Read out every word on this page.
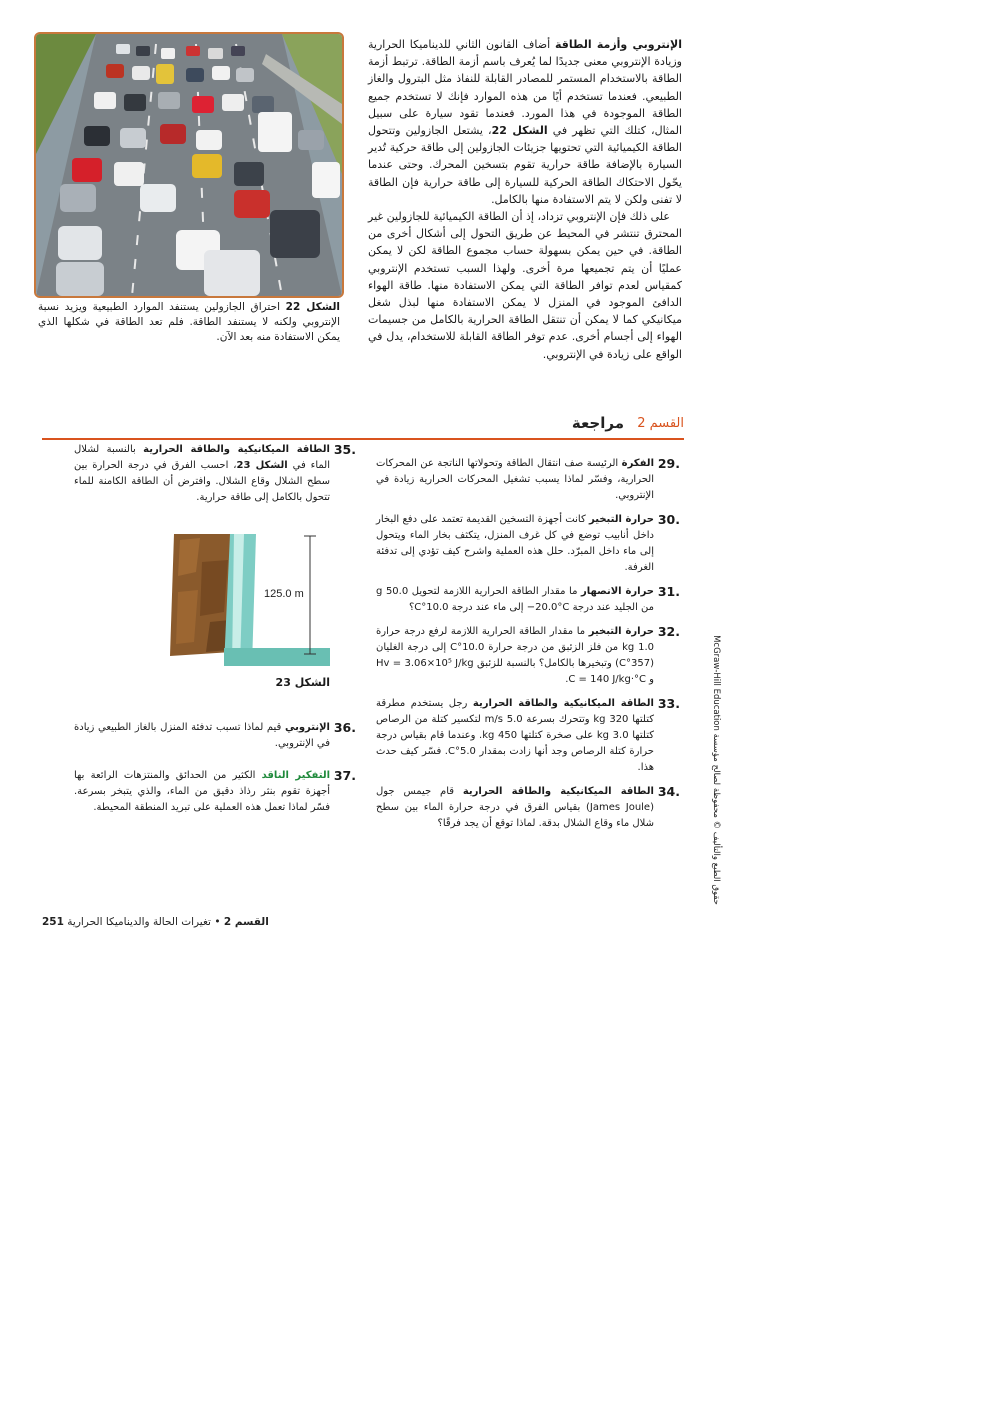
الشكل 22 احتراق الجازولين يستنفد الموارد الطبيعية ويزيد نسبة الإنتروبي ولكنه لا يستنفد الطاقة. فلم تعد الطاقة في شكلها الذي يمكن الاستفادة منه بعد الآن.

الإنتروبي وأزمة الطاقة أضاف القانون الثاني للديناميكا الحرارية وزيادة الإنتروبي معنى جديدًا لما يُعرف باسم أزمة الطاقة. ترتبط أزمة الطاقة بالاستخدام المستمر للمصادر القابلة للنفاذ مثل البترول والغاز الطبيعي. فعندما تستخدم أيًا من هذه الموارد فإنك لا تستخدم جميع الطاقة الموجودة في هذا المورد. فعندما تقود سيارة على سبيل المثال، كتلك التي تظهر في الشكل 22، يشتعل الجازولين وتتحول الطاقة الكيميائية التي تحتويها جزيئات الجازولين إلى طاقة حركية تُدير السيارة بالإضافة طاقة حرارية تقوم بتسخين المحرك. وحتى عندما يحّول الاحتكاك الطاقة الحركية للسيارة إلى طاقة حرارية فإن الطاقة لا تفنى ولكن لا يتم الاستفادة منها بالكامل.

على ذلك فإن الإنتروبي تزداد، إذ أن الطاقة الكيميائية للجازولين غير المحترق تنتشر في المحيط عن طريق التحول إلى أشكال أخرى من الطاقة. في حين يمكن بسهولة حساب مجموع الطاقة لكن لا يمكن عمليًا أن يتم تجميعها مرة أخرى. ولهذا السبب تستخدم الإنتروبي كمقياس لعدم توافر الطاقة التي يمكن الاستفادة منها. طاقة الهواء الدافئ الموجود في المنزل لا يمكن الاستفادة منها لبذل شغل ميكانيكي كما لا يمكن أن تنتقل الطاقة الحرارية بالكامل من جسيمات الهواء إلى أجسام أخرى. عدم توفر الطاقة القابلة للاستخدام، يدل في الواقع على زيادة في الإنتروبي.

القسم 2
مراجعة
29.
الفكرة الرئيسة صف انتقال الطاقة وتحولاتها الناتجة عن المحركات الحرارية، وفسّر لماذا يسبب تشغيل المحركات الحرارية زيادة في الإنتروبي.
30.
حرارة التبخير كانت أجهزة التسخين القديمة تعتمد على دفع البخار داخل أنابيب توضع في كل غرف المنزل، يتكثف بخار الماء ويتحول إلى ماء داخل المبرّد. حلل هذه العملية واشرح كيف تؤدي إلى تدفئة الغرفة.
31.
حرارة الانصهار ما مقدار الطاقة الحرارية اللازمة لتحويل 50.0 g من الجليد عند درجة ‎−20.0°C‏ إلى ماء عند درجة 10.0°C؟
32.
حرارة التبخير ما مقدار الطاقة الحرارية اللازمة لرفع درجة حرارة 1.0 kg من فلز الزئبق من درجة حرارة 10.0°C إلى درجة الغليان (357°C) وتبخيرها بالكامل؟ بالنسبة للزئبق ‎Hv = 3.06×10⁵ J/kg‏ و ‎C = 140 J/kg·°C‏.
33.
الطاقة الميكانيكية والطاقة الحرارية رجل يستخدم مطرقة كتلتها 320 kg وتتحرك بسرعة 5.0 m/s لتكسير كتلة من الرصاص كتلتها 3.0 kg على صخرة كتلتها 450 kg. وعندما قام بقياس درجة حرارة كتلة الرصاص وجد أنها زادت بمقدار 5.0°C. فسّر كيف حدث هذا.
34.
الطاقة الميكانيكية والطاقة الحرارية قام جيمس جول (James Joule) بقياس الفرق في درجة حرارة الماء بين سطح شلال ماء وقاع الشلال بدقة. لماذا توقع أن يجد فرقًا؟
35.
الطاقة الميكانيكية والطاقة الحرارية بالنسبة لشلال الماء في الشكل 23، احسب الفرق في درجة الحرارة بين سطح الشلال وقاع الشلال. وافترض أن الطاقة الكامنة للماء تتحول بالكامل إلى طاقة حرارية.
36.
الإنتروبي قيم لماذا تسبب تدفئة المنزل بالغاز الطبيعي زيادة في الإنتروبي.
37.
التفكير الناقد الكثير من الحدائق والمنتزهات الرائعة بها أجهزة تقوم بنثر رذاذ دقيق من الماء، والذي يتبخر بسرعة. فسّر لماذا تعمل هذه العملية على تبريد المنطقة المحيطة.
125.0 m
الشكل 23	حقوق الطبع والتأليف © محفوظة لصالح مؤسسة McGraw-Hill Education
القسم 2 • تغيرات الحالة والديناميكا الحرارية 251
